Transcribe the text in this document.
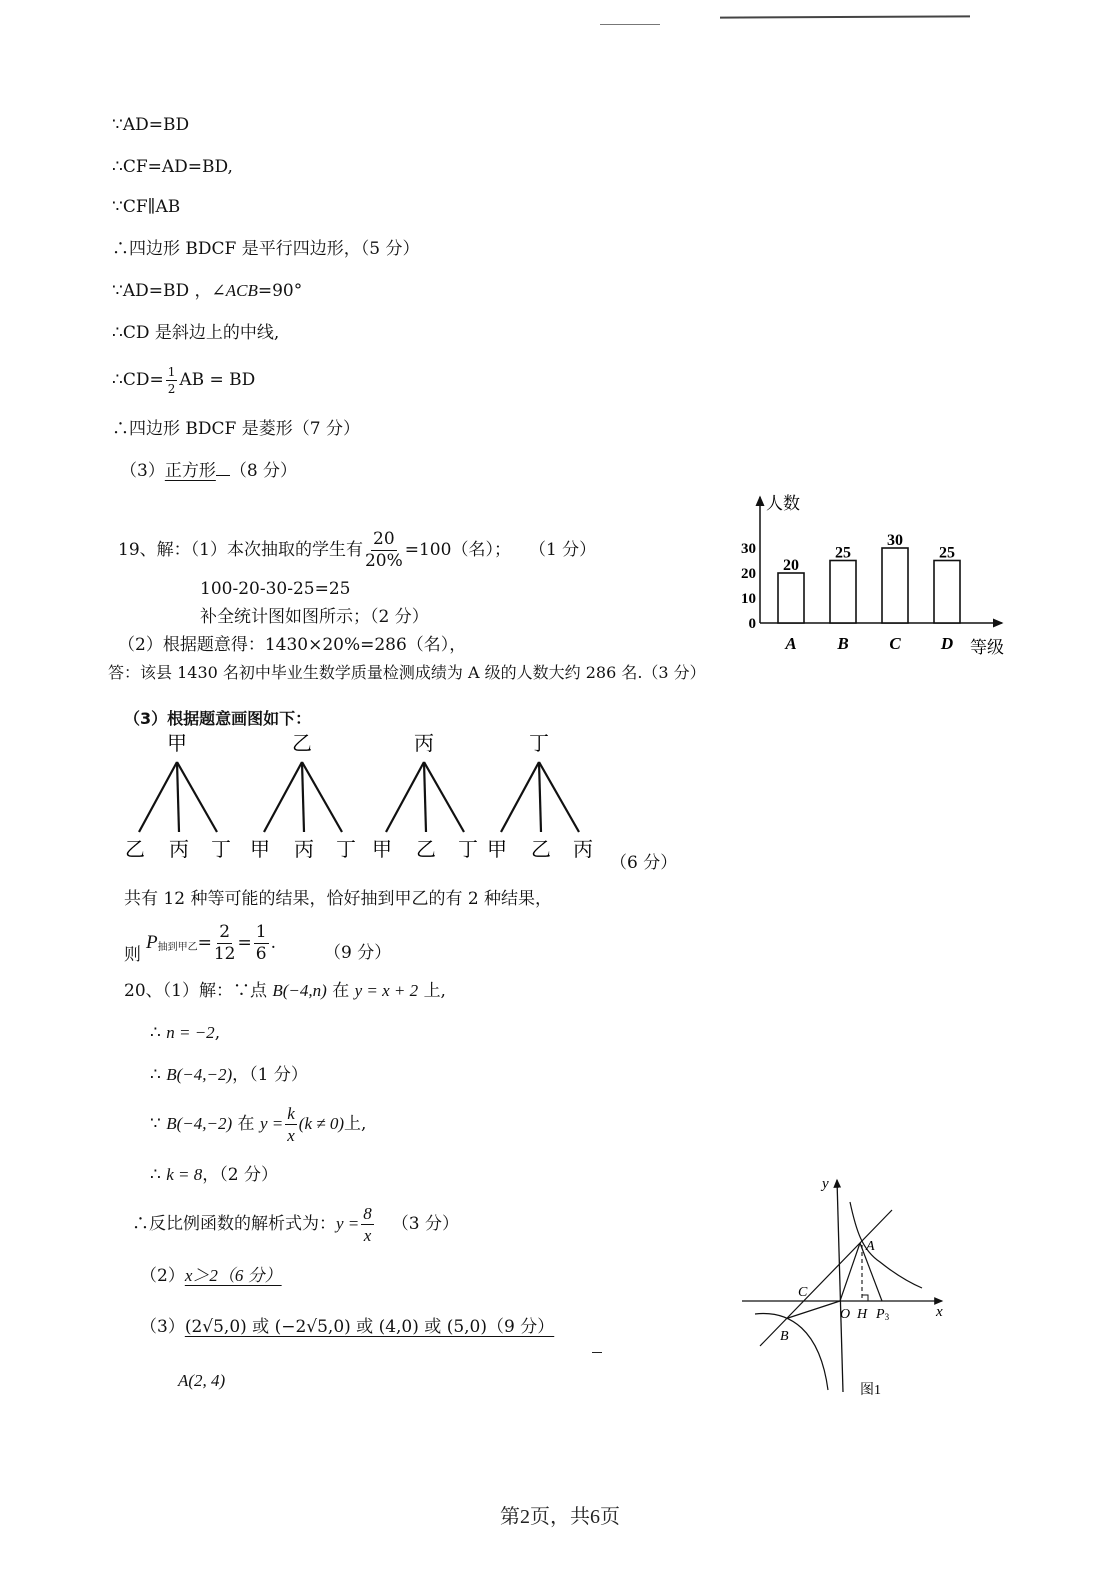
∵AD=BD
∴CF=AD=BD,
∵CF∥AB
∴四边形 BDCF 是平行四边形，（5 分）
∵AD=BD ，∠ACB=90°
∴CD 是斜边上的中线,
∴CD= $\frac{1}{2}$ AB = BD
∴四边形 BDCF 是菱形（7 分）
（3）正方形 （8 分）
19、解：（1）本次抽取的学生有 $\frac{20}{20\%} =100$（名）； （1 分）
100-20-30-25=25
补全统计图如图所示；（2 分）
（2）根据题意得：1430×20%=286（名），
答：该县 1430 名初中毕业生数学质量检测成绩为 A 级的人数大约 286 名.（3 分）
（3）根据题意画图如下：
人数
等级
0
10
20
30
20
A
25
B
30
C
25
D
甲
乙 丙 丁
乙
甲 丙 丁
丙
甲 乙 丁
丁
甲 乙 丙
（6 分）
共有 12 种等可能的结果，恰好抽到甲乙的有 2 种结果，
则
$P_{抽到甲乙}= \frac{2}{12} = \frac{1}{6}$ .	（9 分）
20、（1）解：∵点 B(−4,n) 在 y = x + 2 上,
∴ n = −2,
∴ B(−4,−2)，（1 分）
∵ B(−4,−2) 在 $y = \frac{k}{x} (k \ne 0)$上,
∴ k = 8，（2 分）
∴反比例函数的解析式为：$y = \frac{8}{x} (3$ 分）
（2）x＞2（6 分）
（3）(2√5,0) 或 (−2√5,0) 或 (4,0) 或 (5,0)（9 分）
A(2, 4)
y
x
A
B
C
O H P3
图1
第2页，共6页
